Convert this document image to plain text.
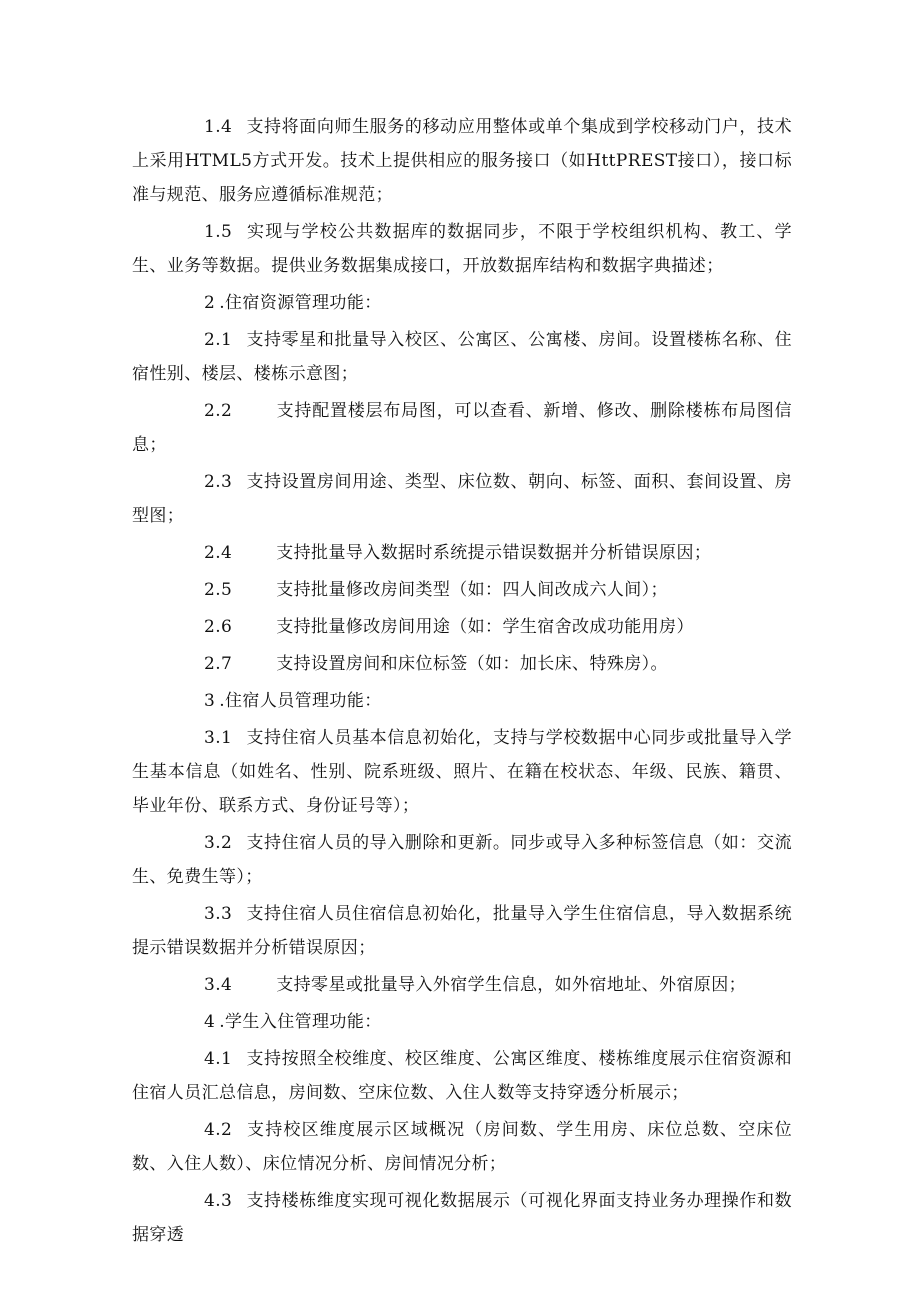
1.4 支持将面向师生服务的移动应用整体或单个集成到学校移动门户，技术上采用HTML5方式开发。技术上提供相应的服务接口（如HttPREST接口），接口标准与规范、服务应遵循标准规范；

1.5 实现与学校公共数据库的数据同步，不限于学校组织机构、教工、学生、业务等数据。提供业务数据集成接口，开放数据库结构和数据字典描述；

2 .住宿资源管理功能：

2.1 支持零星和批量导入校区、公寓区、公寓楼、房间。设置楼栋名称、住宿性别、楼层、楼栋示意图；

2.2	支持配置楼层布局图，可以查看、新增、修改、删除楼栋布局图信息；

2.3 支持设置房间用途、类型、床位数、朝向、标签、面积、套间设置、房型图；

2.4	支持批量导入数据时系统提示错误数据并分析错误原因；

2.5	支持批量修改房间类型（如：四人间改成六人间）；

2.6	支持批量修改房间用途（如：学生宿舍改成功能用房）

2.7	支持设置房间和床位标签（如：加长床、特殊房）。

3 .住宿人员管理功能：

3.1 支持住宿人员基本信息初始化，支持与学校数据中心同步或批量导入学生基本信息（如姓名、性别、院系班级、照片、在籍在校状态、年级、民族、籍贯、毕业年份、联系方式、身份证号等）；

3.2 支持住宿人员的导入删除和更新。同步或导入多种标签信息（如：交流生、免费生等）；

3.3 支持住宿人员住宿信息初始化，批量导入学生住宿信息，导入数据系统提示错误数据并分析错误原因；

3.4	支持零星或批量导入外宿学生信息，如外宿地址、外宿原因；

4 .学生入住管理功能：

4.1 支持按照全校维度、校区维度、公寓区维度、楼栋维度展示住宿资源和住宿人员汇总信息，房间数、空床位数、入住人数等支持穿透分析展示；

4.2 支持校区维度展示区域概况（房间数、学生用房、床位总数、空床位数、入住人数）、床位情况分析、房间情况分析；

4.3 支持楼栋维度实现可视化数据展示（可视化界面支持业务办理操作和数据穿透
